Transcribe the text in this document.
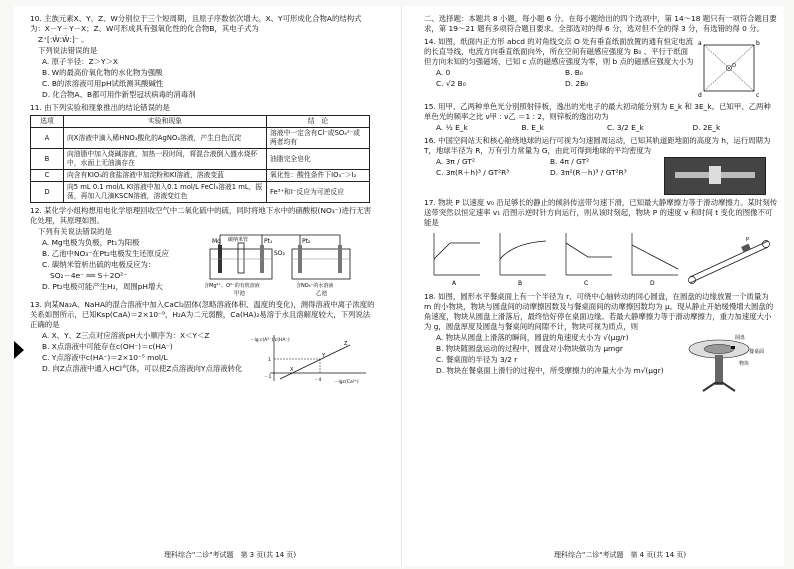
10. 主族元素X、Y、Z、W分别位于三个短周期，且原子序数依次增大。X、Y可形成化合物A的结构式为：X－Y－Y－X；Z、W可形成具有强氧化性的化合物B，其电子式为
Z⁺[:Ẅ:Ẅ:]⁻ 。
下列说法错误的是
A. 原子半径：Z＞Y＞X
B. W的最高价氧化物的水化物为强酸
C. B的浓溶液可用pH试纸测其酸碱性
D. 化合物A、B都可用作新型冠状病毒的消毒剂
11. 由下列实验和现象推出的结论错误的是
选项	实验和现象	结　论
A	向X溶液中滴入稀HNO₃酸化的AgNO₃溶液，产生白色沉淀	溶液中一定含有Cl⁻或SO₄²⁻或两者均有
B	向油脂中加入烧碱溶液，加热一段时间，将混合液倒入盛水烧杯中，水面上无油滴存在	油脂完全皂化
C	向含有KIO₃的食盐溶液中加淀粉和KI溶液，溶液变蓝	氧化性：酸性条件下IO₃⁻＞I₂
D	向5 mL 0.1 mol/L KI溶液中加入0.1 mol/L FeCl₃溶液1 mL，振荡，再加入几滴KSCN溶液，溶液变红色	Fe³⁺和I⁻反应为可逆反应
12. 某化学小组构想用电化学原理回收空气中二氧化硫中的硫，同时将地下水中的硝酸根(NO₃⁻)进行无害化处理，其原理如图。
下列有关说法错误的是
A. Mg电极为负极，Pt₁为阳极
B. 乙池中NO₃⁻在Pt₂电极发生还原反应
C. 碳纳米管析出硫的电极反应为：
SO₂－4e⁻ ══ S＋2O²⁻
D. Pt₂电极可能产生H₂，周围pH增大
Mg 碳纳米管	Pt₁
SO₂
Pt₂
含Mg²⁺、O²⁻的有机溶液	含NO₃⁻的水溶液
甲池	乙池
13. 向某Na₂A、NaHA的混合溶液中加入CaCl₂固体(忽略溶液体积、温度的变化)，测得溶液中离子浓度的关系如图所示，已知Ksp(CaA)＝2×10⁻⁹，H₂A为二元弱酸，Ca(HA)₂易溶于水且溶解度较大，下列说法正确的是
A. X、Y、Z三点对应溶液pH大小顺序为：X＜Y＜Z
B. X点溶液中可能存在c(OH⁻)＝c(HA⁻)
C. Y点溶液中c(HA⁻)＝2×10⁻⁵ mol/L
D. 向Z点溶液中通入HCl气体，可以使Z点溶液向Y点溶液转化
－lg c(A²⁻)/c(HA⁻)
－lgc(Ca²⁺)
X
Y
Z
1
－1
－4
理科综合"二诊"考试题　第 3 页(共 14 页)
二、选择题：本题共 8 小题，每小题 6 分。在每小题给出的四个选项中，第 14～18 题只有一项符合题目要求，第 19～21 题有多项符合题目要求。全部选对的得 6 分，选对但不全的得 3 分，有选错的得 0 分。
14. 如图，纸面内正方形 abcd 的对角线交点 O 处有垂直纸面放置的通有恒定电流的长直导线，电流方向垂直纸面向外，所在空间有磁感应强度为 B₀ 、平行于纸面但方向未知的匀强磁场，已知 c 点的磁感应强度为零，则 b 点的磁感应强度大小为
A. 0	B. B₀
C. √2 B₀	D. 2B₀
a	b
c
d
O
15. 用甲、乙两种单色光分别照射锌板，逸出的光电子的最大初动能分别为 E_k 和 3E_k。已知甲、乙两种单色光的频率之比 ν甲 : ν乙 ＝1 : 2，则锌板的逸出功为
A. ½ E_k	B. E_k	C. 3/2 E_k	D. 2E_k
16. 中国空间站天和核心舱绕地球的运行可视为匀速圆周运动，已知其轨道距地面的高度为 h，运行周期为 T，地球半径为 R，万有引力常量为 G，由此可得到地球的平均密度为
A. 3π / GT²	B. 4π / GT²
C. 3π(R＋h)³ / GT²R³	D. 3π²(R－h)³ / GT²R³
17. 物块 P 以速度 v₀ 沿足够长的静止的倾斜传送带匀速下滑，已知最大静摩擦力等于滑动摩擦力。某时刻传送带突然以恒定速率 v₁ 沿图示逆时针方向运行，则从该时刻起，物块 P 的速度 v 和时间 t 变化的图像不可能是
A	B	C	D
P
18. 如图，圆形水平餐桌面上有一个半径为 r、可绕中心轴转动的同心圆盘，在圆盘的边缘放置一个质量为 m 的小物块，物块与圆盘间的动摩擦因数及与餐桌面间的动摩擦因数均为 μ。现从静止开始缓慢增大圆盘的角速度，物块从圆盘上滑落后，最终恰好停在桌面边缘。若最大静摩擦力等于滑动摩擦力，重力加速度大小为 g，圆盘厚度及圆盘与餐桌间的间隙不计，物块可视为质点，则
A. 物块从圆盘上滑落的瞬间，圆盘的角速度大小为 √(μg/r)
B. 物块随圆盘运动的过程中，圆盘对小物块做功为 μmgr
C. 餐桌面的半径为 3/2 r
D. 物块在餐桌面上滑行的过程中，所受摩擦力的冲量大小为 m√(μgr)
圆盘
餐桌面
物块
理科综合"二诊"考试题　第 4 页(共 14 页)
